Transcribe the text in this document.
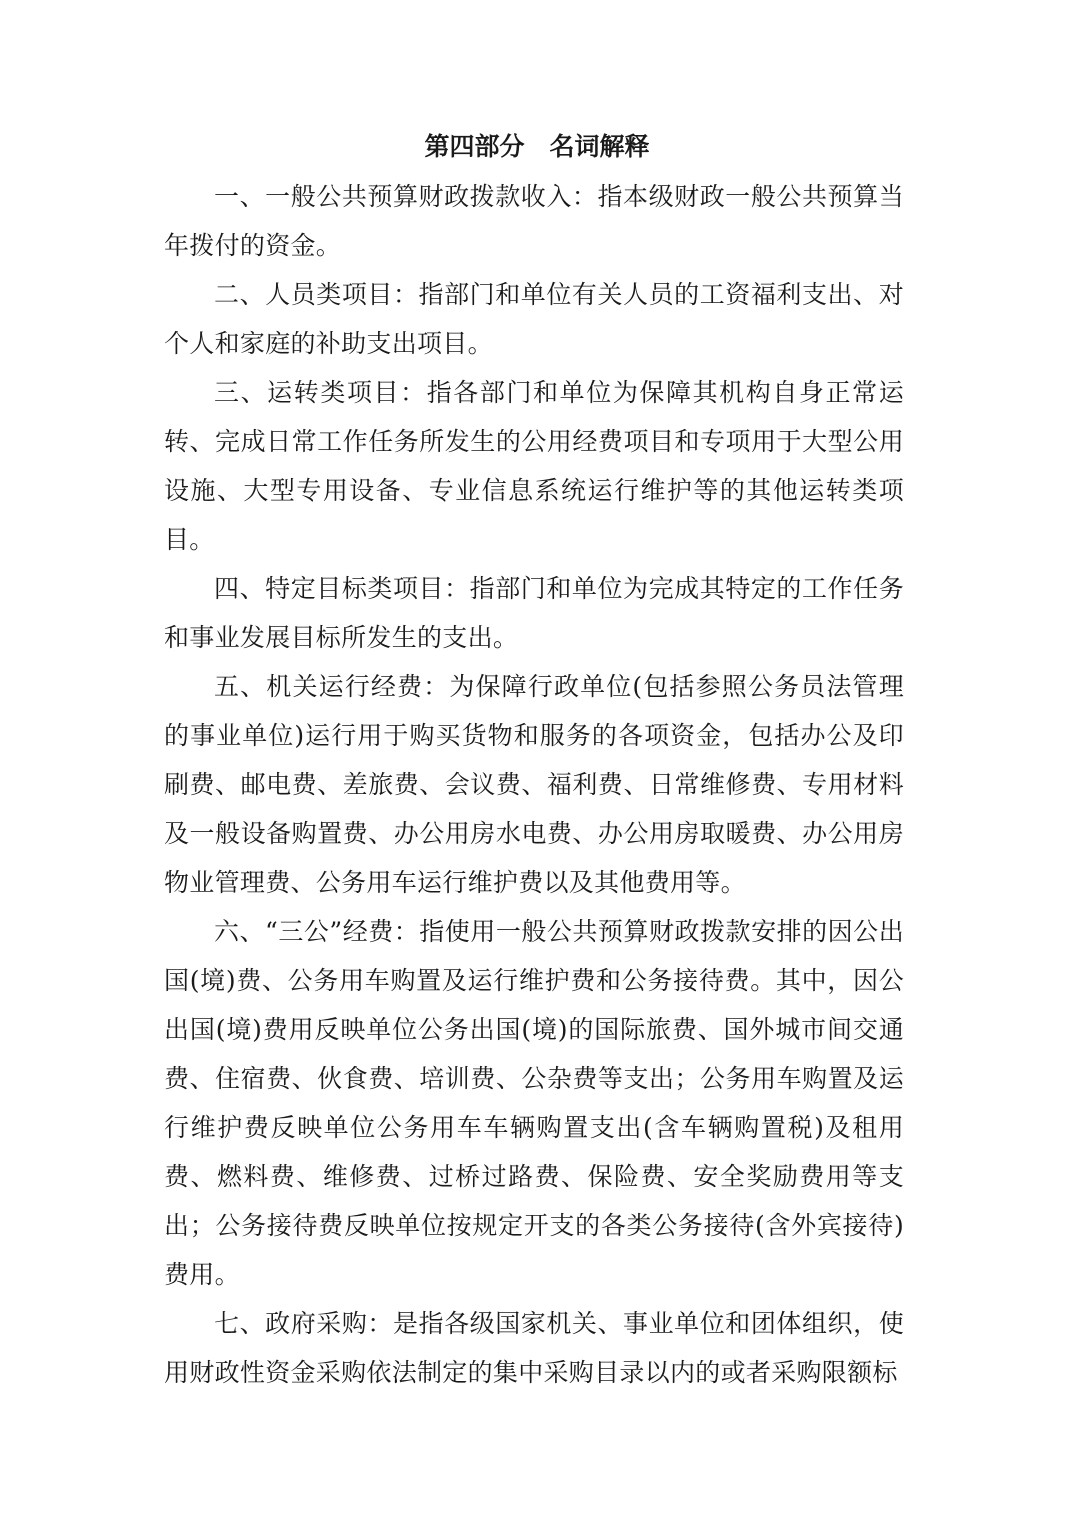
第四部分　名词解释

一、一般公共预算财政拨款收入：指本级财政一般公共预算当年拨付的资金。

二、人员类项目：指部门和单位有关人员的工资福利支出、对个人和家庭的补助支出项目。

三、运转类项目：指各部门和单位为保障其机构自身正常运转、完成日常工作任务所发生的公用经费项目和专项用于大型公用设施、大型专用设备、专业信息系统运行维护等的其他运转类项目。

四、特定目标类项目：指部门和单位为完成其特定的工作任务和事业发展目标所发生的支出。

五、机关运行经费：为保障行政单位(包括参照公务员法管理的事业单位)运行用于购买货物和服务的各项资金，包括办公及印刷费、邮电费、差旅费、会议费、福利费、日常维修费、专用材料及一般设备购置费、办公用房水电费、办公用房取暖费、办公用房物业管理费、公务用车运行维护费以及其他费用等。

六、“三公”经费：指使用一般公共预算财政拨款安排的因公出国(境)费、公务用车购置及运行维护费和公务接待费。其中，因公出国(境)费用反映单位公务出国(境)的国际旅费、国外城市间交通费、住宿费、伙食费、培训费、公杂费等支出；公务用车购置及运行维护费反映单位公务用车车辆购置支出(含车辆购置税)及租用费、燃料费、维修费、过桥过路费、保险费、安全奖励费用等支出；公务接待费反映单位按规定开支的各类公务接待(含外宾接待)费用。

七、政府采购：是指各级国家机关、事业单位和团体组织，使用财政性资金采购依法制定的集中采购目录以内的或者采购限额标
